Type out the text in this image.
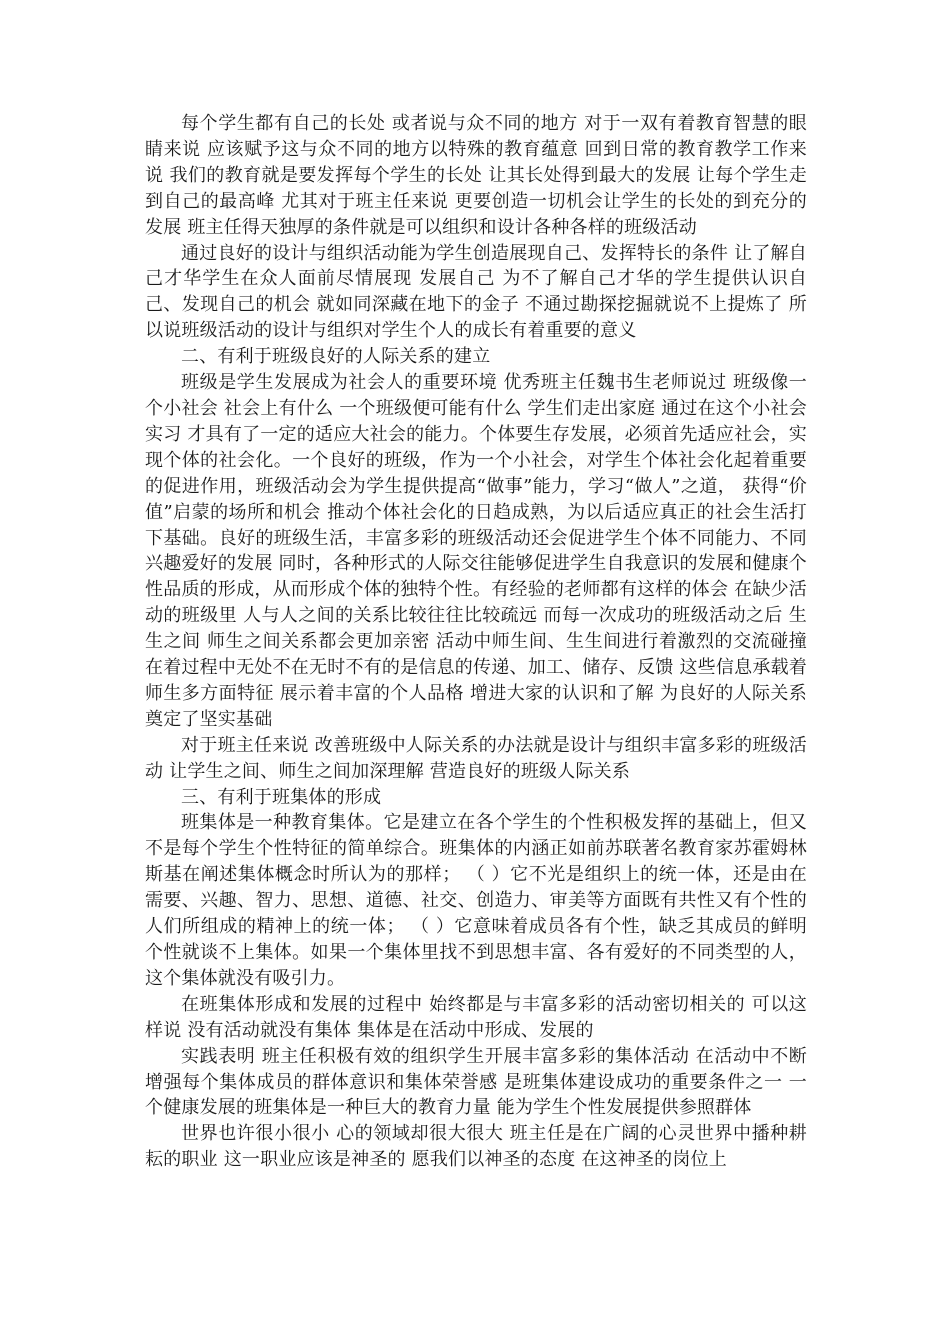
每个学生都有自己的长处 或者说与众不同的地方 对于一双有着教育智慧的眼睛来说 应该赋予这与众不同的地方以特殊的教育蕴意 回到日常的教育教学工作来说 我们的教育就是要发挥每个学生的长处 让其长处得到最大的发展 让每个学生走到自己的最高峰 尤其对于班主任来说 更要创造一切机会让学生的长处的到充分的发展 班主任得天独厚的条件就是可以组织和设计各种各样的班级活动

通过良好的设计与组织活动能为学生创造展现自己、发挥特长的条件 让了解自己才华学生在众人面前尽情展现 发展自己 为不了解自己才华的学生提供认识自己、发现自己的机会 就如同深藏在地下的金子 不通过勘探挖掘就说不上提炼了 所以说班级活动的设计与组织对学生个人的成长有着重要的意义

二、有利于班级良好的人际关系的建立

班级是学生发展成为社会人的重要环境 优秀班主任魏书生老师说过 班级像一个小社会 社会上有什么 一个班级便可能有什么 学生们走出家庭 通过在这个小社会实习 才具有了一定的适应大社会的能力。个体要生存发展，必须首先适应社会，实现个体的社会化。一个良好的班级，作为一个小社会，对学生个体社会化起着重要的促进作用，班级活动会为学生提供提高“做事”能力，学习“做人”之道， 获得“价值”启蒙的场所和机会 推动个体社会化的日趋成熟，为以后适应真正的社会生活打下基础。良好的班级生活，丰富多彩的班级活动还会促进学生个体不同能力、不同兴趣爱好的发展 同时，各种形式的人际交往能够促进学生自我意识的发展和健康个性品质的形成，从而形成个体的独特个性。有经验的老师都有这样的体会 在缺少活动的班级里 人与人之间的关系比较往往比较疏远 而每一次成功的班级活动之后 生生之间 师生之间关系都会更加亲密 活动中师生间、生生间进行着激烈的交流碰撞 在着过程中无处不在无时不有的是信息的传递、加工、储存、反馈 这些信息承载着师生多方面特征 展示着丰富的个人品格 增进大家的认识和了解 为良好的人际关系奠定了坚实基础

对于班主任来说 改善班级中人际关系的办法就是设计与组织丰富多彩的班级活动 让学生之间、师生之间加深理解 营造良好的班级人际关系

三、有利于班集体的形成

班集体是一种教育集体。它是建立在各个学生的个性积极发挥的基础上，但又不是每个学生个性特征的简单综合。班集体的内涵正如前苏联著名教育家苏霍姆林斯基在阐述集体概念时所认为的那样； （ ）它不光是组织上的统一体，还是由在需要、兴趣、智力、思想、道德、社交、创造力、审美等方面既有共性又有个性的人们所组成的精神上的统一体； （ ）它意味着成员各有个性，缺乏其成员的鲜明个性就谈不上集体。如果一个集体里找不到思想丰富、各有爱好的不同类型的人，这个集体就没有吸引力。

在班集体形成和发展的过程中 始终都是与丰富多彩的活动密切相关的 可以这样说 没有活动就没有集体 集体是在活动中形成、发展的

实践表明 班主任积极有效的组织学生开展丰富多彩的集体活动 在活动中不断增强每个集体成员的群体意识和集体荣誉感 是班集体建设成功的重要条件之一 一个健康发展的班集体是一种巨大的教育力量 能为学生个性发展提供参照群体

世界也许很小很小 心的领域却很大很大 班主任是在广阔的心灵世界中播种耕耘的职业 这一职业应该是神圣的 愿我们以神圣的态度 在这神圣的岗位上
